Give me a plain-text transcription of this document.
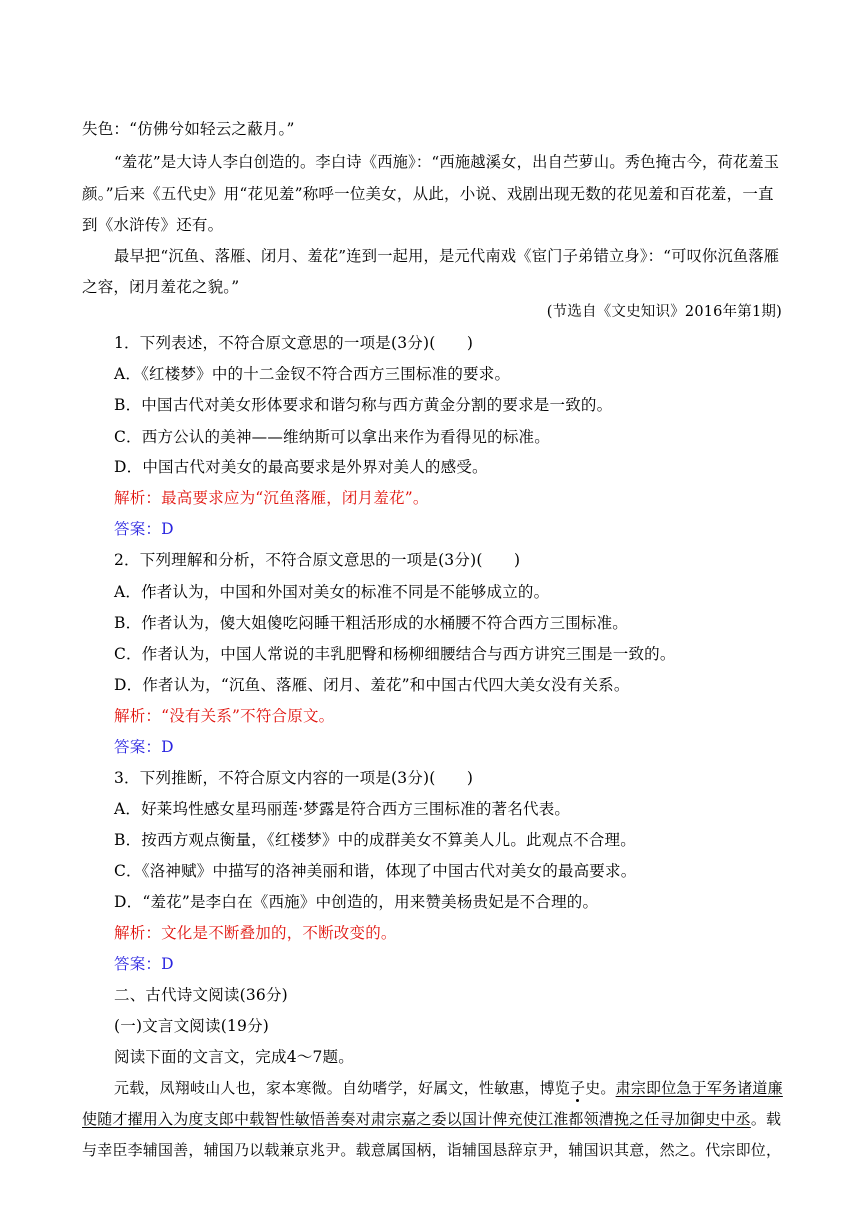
失色：“仿佛兮如轻云之蔽月。”
“羞花”是大诗人李白创造的。李白诗《西施》：“西施越溪女，出自苎萝山。秀色掩古今，荷花羞玉
颜。”后来《五代史》用“花见羞”称呼一位美女，从此，小说、戏剧出现无数的花见羞和百花羞，一直
到《水浒传》还有。
最早把“沉鱼、落雁、闭月、羞花”连到一起用，是元代南戏《宦门子弟错立身》：“可叹你沉鱼落雁
之容，闭月羞花之貌。”
(节选自《文史知识》2016年第1期)
1．下列表述，不符合原文意思的一项是(3分)(　　)
A．《红楼梦》中的十二金钗不符合西方三围标准的要求。
B．中国古代对美女形体要求和谐匀称与西方黄金分割的要求是一致的。
C．西方公认的美神——维纳斯可以拿出来作为看得见的标准。
D．中国古代对美女的最高要求是外界对美人的感受。
解析：最高要求应为“沉鱼落雁，闭月羞花”。
答案：D
2．下列理解和分析，不符合原文意思的一项是(3分)(　　)
A．作者认为，中国和外国对美女的标准不同是不能够成立的。
B．作者认为，傻大姐傻吃闷睡干粗活形成的水桶腰不符合西方三围标准。
C．作者认为，中国人常说的丰乳肥臀和杨柳细腰结合与西方讲究三围是一致的。
D．作者认为，“沉鱼、落雁、闭月、羞花”和中国古代四大美女没有关系。
解析：“没有关系”不符合原文。
答案：D
3．下列推断，不符合原文内容的一项是(3分)(　　)
A．好莱坞性感女星玛丽莲·梦露是符合西方三围标准的著名代表。
B．按西方观点衡量，《红楼梦》中的成群美女不算美人儿。此观点不合理。
C．《洛神赋》中描写的洛神美丽和谐，体现了中国古代对美女的最高要求。
D．“羞花”是李白在《西施》中创造的，用来赞美杨贵妃是不合理的。
解析：文化是不断叠加的，不断改变的。
答案：D
二、古代诗文阅读(36分)
(一)文言文阅读(19分)
阅读下面的文言文，完成4～7题。
元载，凤翔岐山人也，家本寒微。自幼嗜学，好属文，性敏惠，博览子史。肃宗即位急于军务诸道廉
使随才擢用入为度支郎中载智性敏悟善奏对肃宗嘉之委以国计俾充使江淮都领漕挽之任寻加御史中丞。载
与幸臣李辅国善，辅国乃以载兼京兆尹。载意属国柄，诣辅国恳辞京尹，辅国识其意，然之。代宗即位，
